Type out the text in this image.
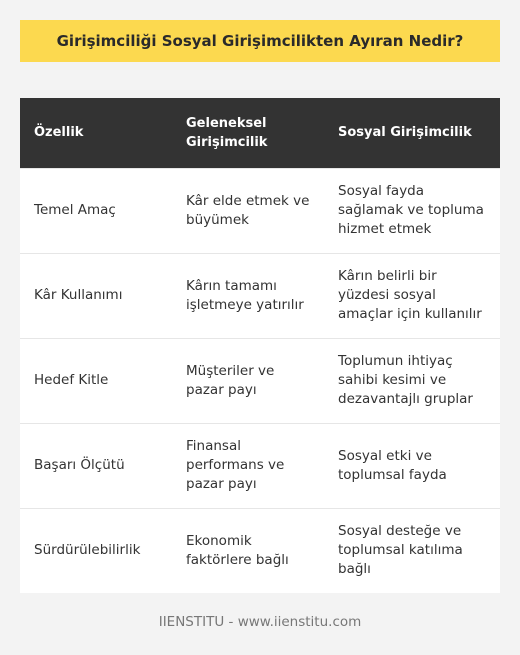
Girişimciliği Sosyal Girişimcilikten Ayıran Nedir?
Özellik	Geleneksel Girişimcilik	Sosyal Girişimcilik
Temel Amaç	Kâr elde etmek ve büyümek	Sosyal fayda sağlamak ve topluma hizmet etmek
Kâr Kullanımı	Kârın tamamı işletmeye yatırılır	Kârın belirli bir yüzdesi sosyal amaçlar için kullanılır
Hedef Kitle	Müşteriler ve pazar payı	Toplumun ihtiyaç sahibi kesimi ve dezavantajlı gruplar
Başarı Ölçütü	Finansal performans ve pazar payı	Sosyal etki ve toplumsal fayda
Sürdürülebilirlik	Ekonomik faktörlere bağlı	Sosyal desteğe ve toplumsal katılıma bağlı
IIENSTITU - www.iienstitu.com
